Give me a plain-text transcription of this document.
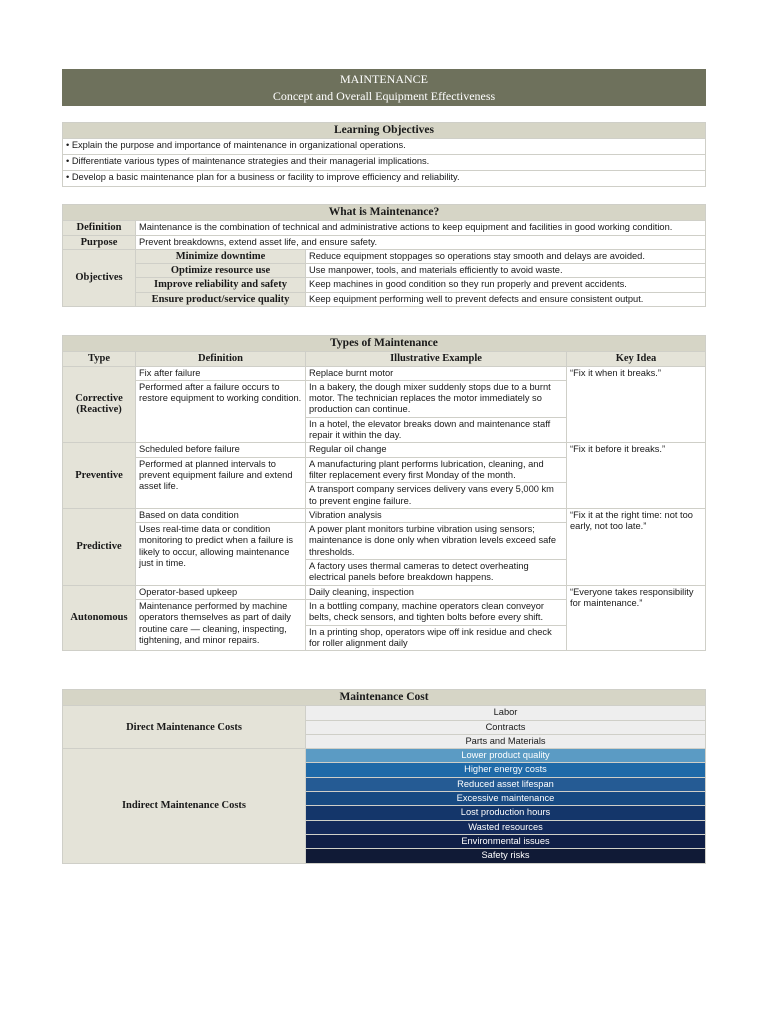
MAINTENANCE
Concept and Overall Equipment Effectiveness
Learning Objectives
• Explain the purpose and importance of maintenance in organizational operations.
• Differentiate various types of maintenance strategies and their managerial implications.
• Develop a basic maintenance plan for a business or facility to improve efficiency and reliability.
What is Maintenance?		
Definition	Maintenance is the combination of technical and administrative actions to keep equipment and facilities in good working condition.	
Purpose	Prevent breakdowns, extend asset life, and ensure safety.	
Objectives	Minimize downtime	Reduce equipment stoppages so operations stay smooth and delays are avoided.
	Optimize resource use	Use manpower, tools, and materials efficiently to avoid waste.
	Improve reliability and safety	Keep machines in good condition so they run properly and prevent accidents.
	Ensure product/service quality	Keep equipment performing well to prevent defects and ensure consistent output.
Types of Maintenance			
Type	Definition	Illustrative Example	Key Idea
Corrective (Reactive)	Fix after failure	Replace burnt motor	“Fix it when it breaks.”
	Performed after a failure occurs to restore equipment to working condition.	In a bakery, the dough mixer suddenly stops due to a burnt motor. The technician replaces the motor immediately so production can continue.	
		In a hotel, the elevator breaks down and maintenance staff repair it within the day.	
Preventive	Scheduled before failure	Regular oil change	“Fix it before it breaks.”
	Performed at planned intervals to prevent equipment failure and extend asset life.	A manufacturing plant performs lubrication, cleaning, and filter replacement every first Monday of the month.	
		A transport company services delivery vans every 5,000 km to prevent engine failure.	
Predictive	Based on data condition	Vibration analysis	“Fix it at the right time: not too early, not too late.”
	Uses real-time data or condition monitoring to predict when a failure is likely to occur, allowing maintenance just in time.	A power plant monitors turbine vibration using sensors; maintenance is done only when vibration levels exceed safe thresholds.	
		A factory uses thermal cameras to detect overheating electrical panels before breakdown happens.	
Autonomous	Operator-based upkeep	Daily cleaning, inspection	“Everyone takes responsibility for maintenance.”
	Maintenance performed by machine operators themselves as part of daily routine care — cleaning, inspecting, tightening, and minor repairs.	In a bottling company, machine operators clean conveyor belts, check sensors, and tighten bolts before every shift.	
		In a printing shop, operators wipe off ink residue and check for roller alignment daily	
Maintenance Cost	
Direct Maintenance Costs	Labor
	Contracts
	Parts and Materials
Indirect Maintenance Costs	Lower product quality
	Higher energy costs
	Reduced asset lifespan
	Excessive maintenance
	Lost production hours
	Wasted resources
	Environmental issues
	Safety risks
